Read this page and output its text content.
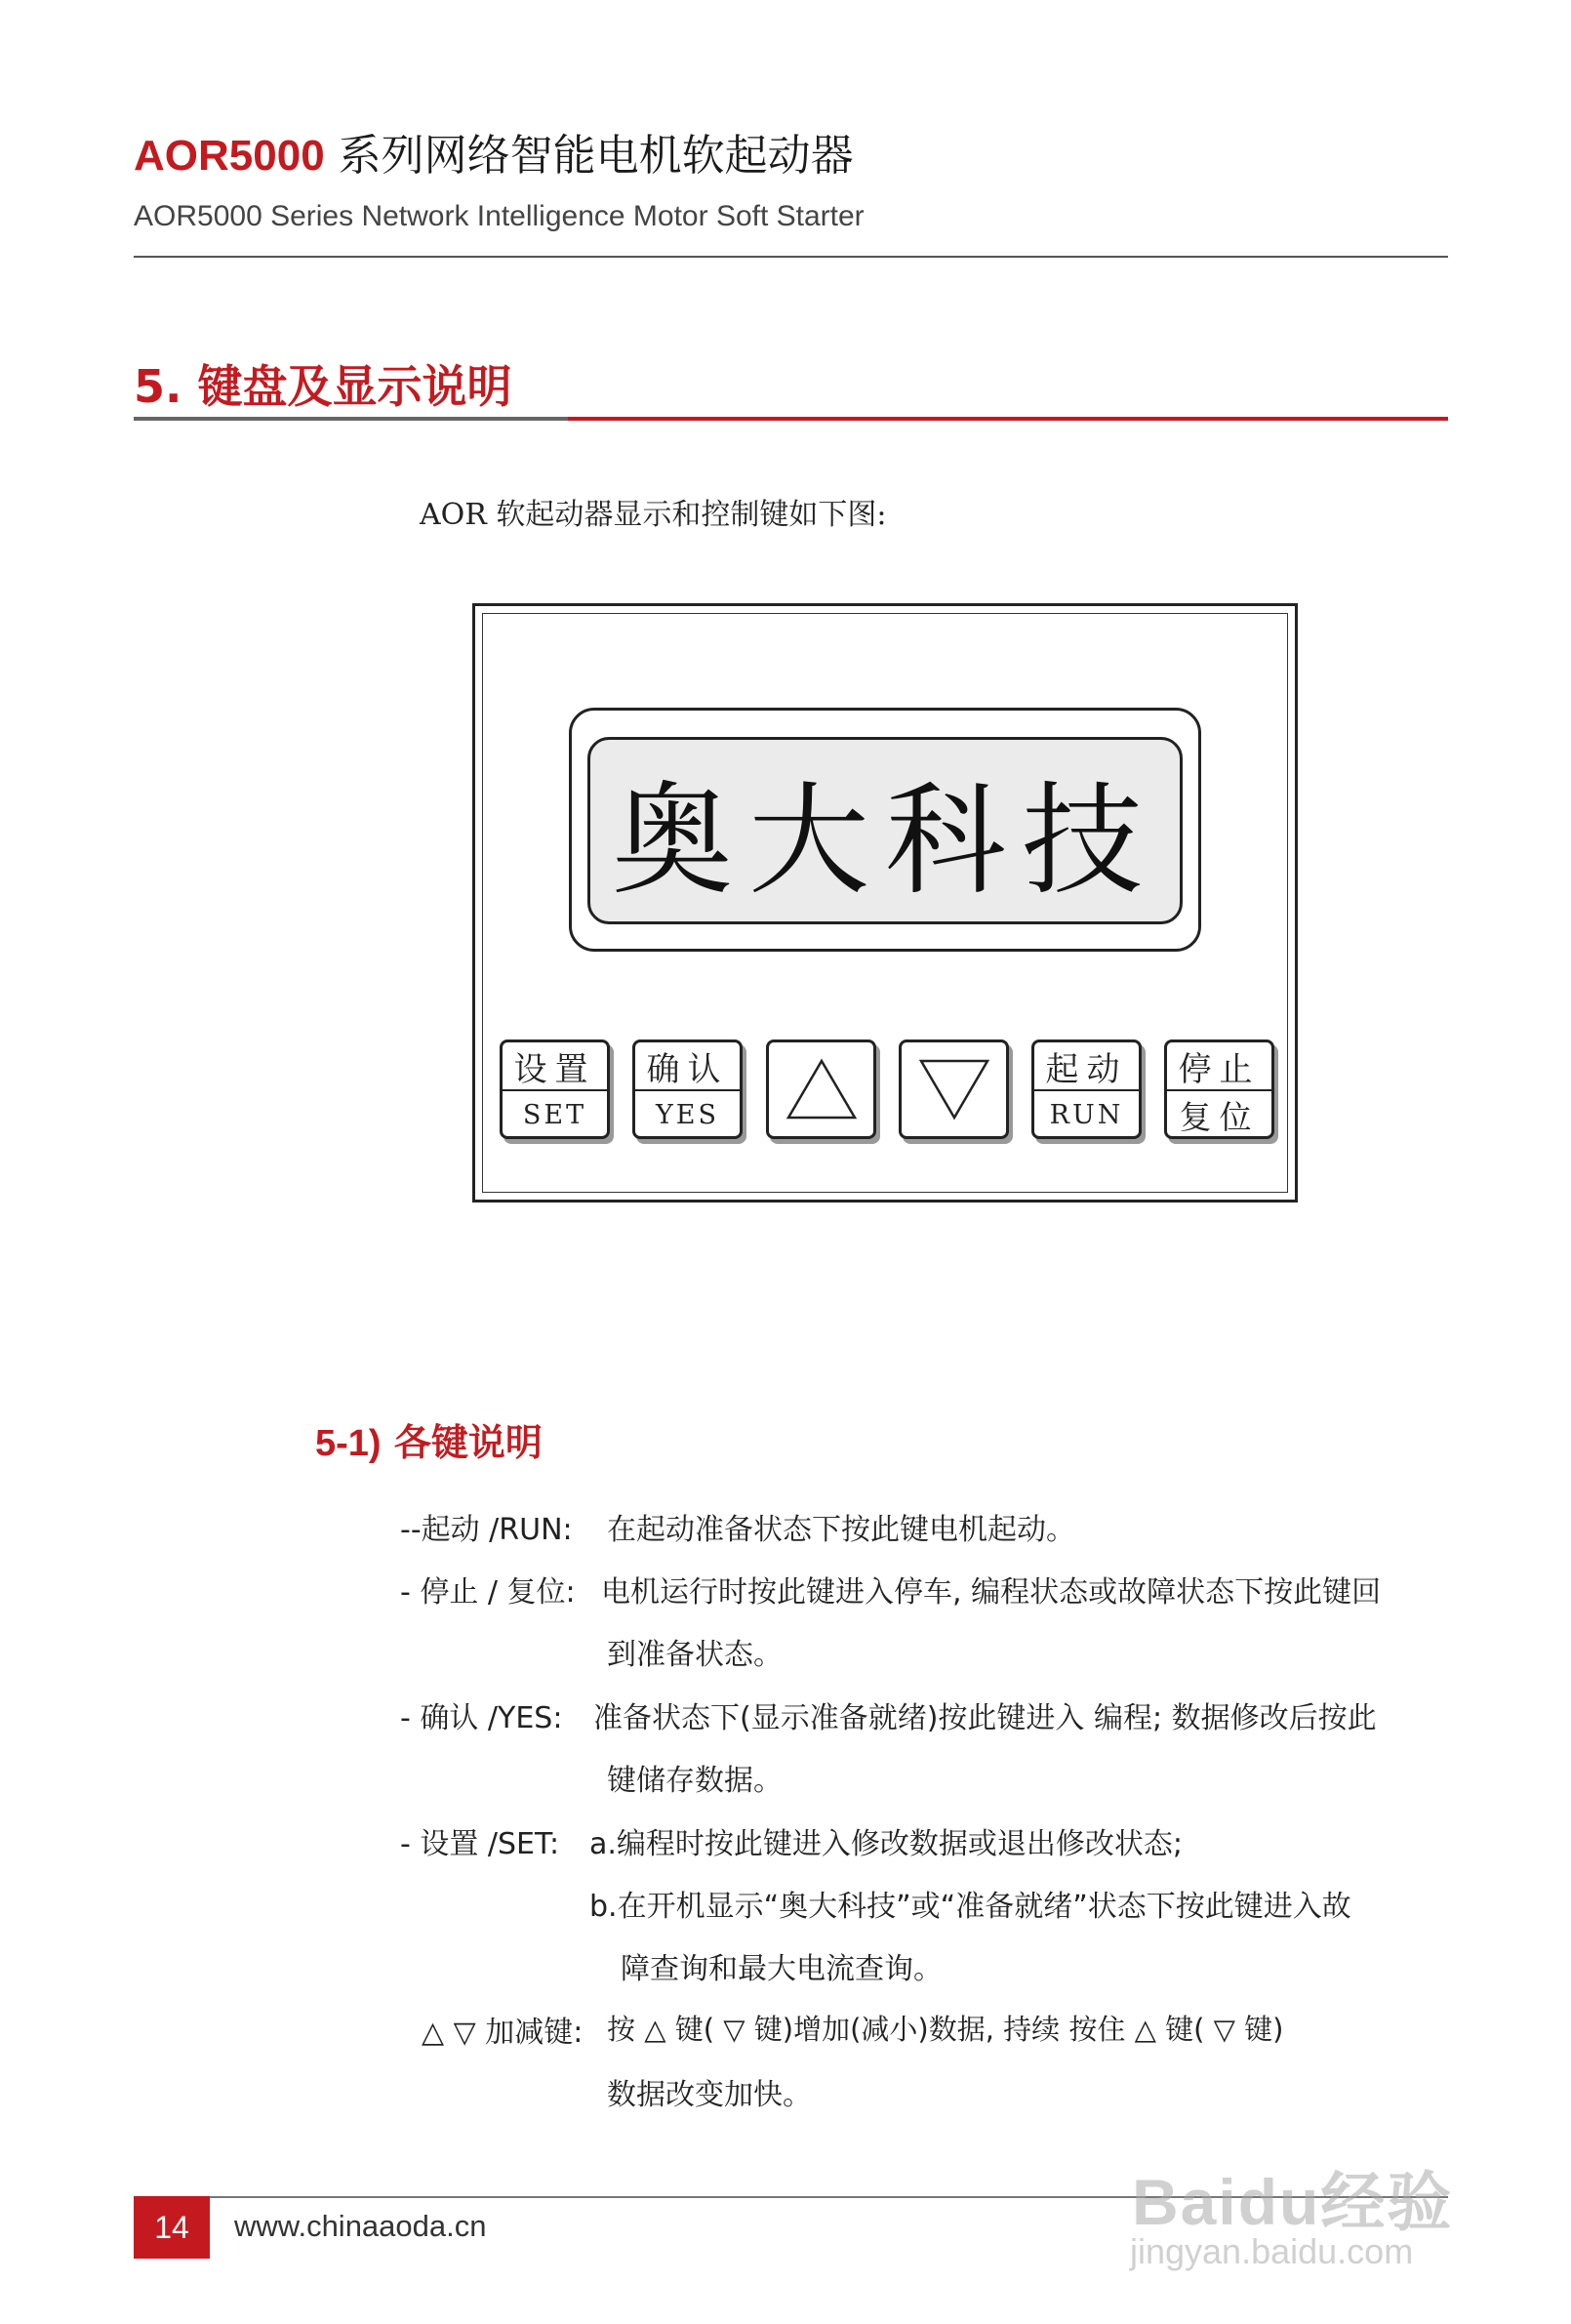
AOR5000 系列网络智能电机软起动器
AOR5000 Series Network Intelligence Motor Soft Starter
5. 键盘及显示说明
AOR 软起动器显示和控制键如下图:
奥大科技
设置
SET
确认
YES
起动
RUN
停止
复位
5-1) 各键说明
--起动 /RUN: 在起动准备状态下按此键电机起动。
- 停止 / 复位: 电机运行时按此键进入停车, 编程状态或故障状态下按此键回
到准备状态。
- 确认 /YES: 准备状态下(显示准备就绪)按此键进入 编程; 数据修改后按此
键储存数据。
- 设置 /SET: a.编程时按此键进入修改数据或退出修改状态;
b.在开机显示“奥大科技”或“准备就绪”状态下按此键进入故
障查询和最大电流查询。
△ ▽ 加减键: 按 △ 键( ▽ 键)增加(减小)数据, 持续 按住 △ 键( ▽ 键)
数据改变加快。
14	www.chinaaoda.cn	Baidu经验
jingyan.baidu.com
